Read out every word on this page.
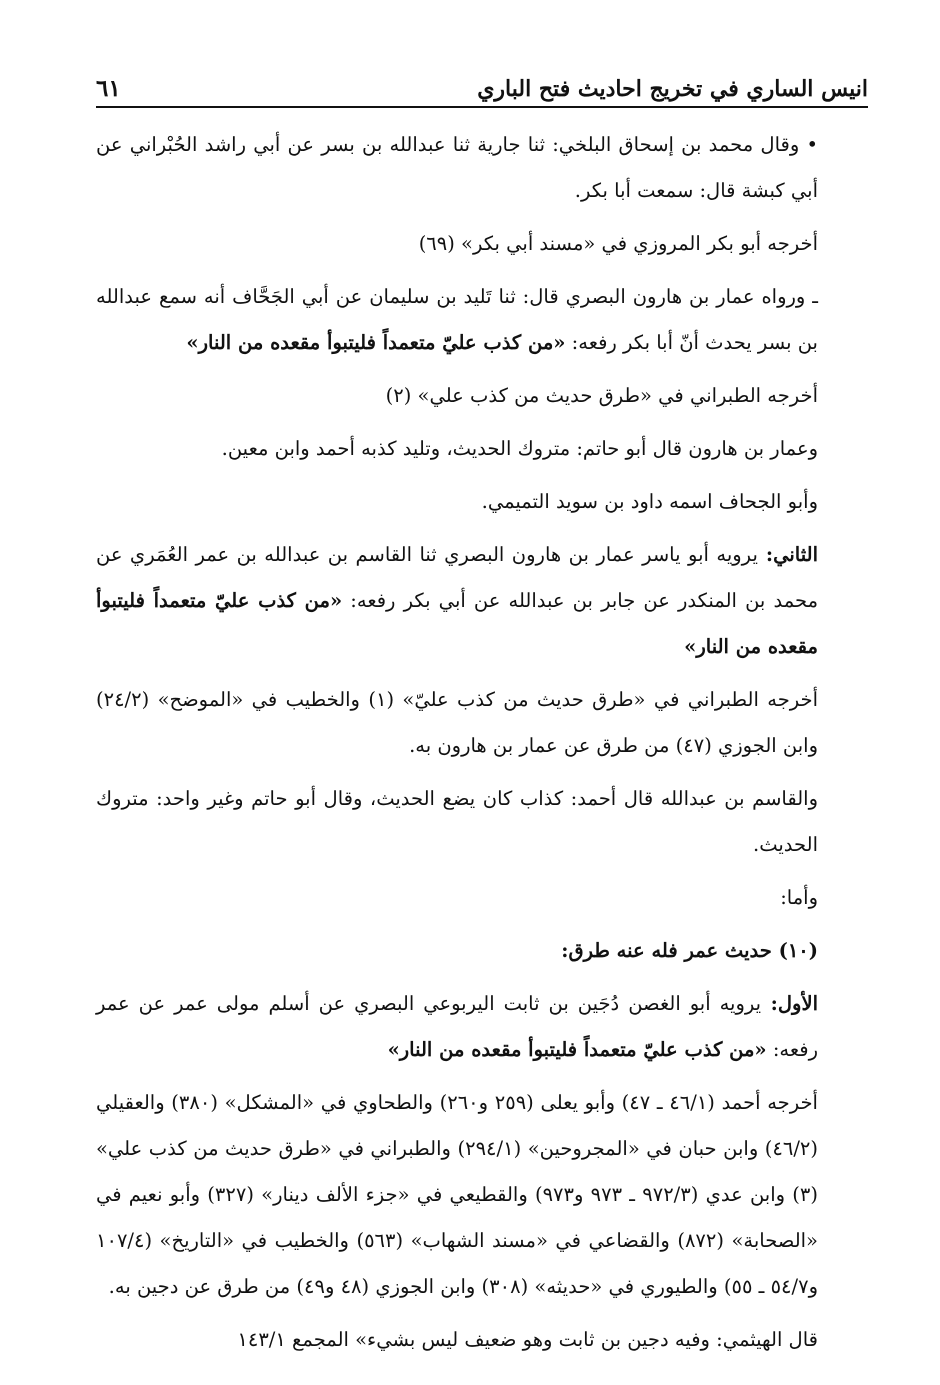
انيس الساري في تخريج احاديث فتح الباري
٦١

• وقال محمد بن إسحاق البلخي: ثنا جارية ثنا عبدالله بن بسر عن أبي راشد الحُبْراني عن أبي كبشة قال: سمعت أبا بكر.

أخرجه أبو بكر المروزي في «مسند أبي بكر» (٦٩)

ـ ورواه عمار بن هارون البصري قال: ثنا تَليد بن سليمان عن أبي الجَحَّاف أنه سمع عبدالله بن بسر يحدث أنّ أبا بكر رفعه: «من كذب عليّ متعمداً فليتبوأ مقعده من النار»

أخرجه الطبراني في «طرق حديث من كذب علي» (٢)

وعمار بن هارون قال أبو حاتم: متروك الحديث، وتليد كذبه أحمد وابن معين.

وأبو الجحاف اسمه داود بن سويد التميمي.

الثاني: يرويه أبو ياسر عمار بن هارون البصري ثنا القاسم بن عبدالله بن عمر العُمَري عن محمد بن المنكدر عن جابر بن عبدالله عن أبي بكر رفعه: «من كذب عليّ متعمداً فليتبوأ مقعده من النار»

أخرجه الطبراني في «طرق حديث من كذب عليّ» (١) والخطيب في «الموضح» (٢٤/٢) وابن الجوزي (٤٧) من طرق عن عمار بن هارون به.

والقاسم بن عبدالله قال أحمد: كذاب كان يضع الحديث، وقال أبو حاتم وغير واحد: متروك الحديث.

وأما:

(١٠) حديث عمر فله عنه طرق:

الأول: يرويه أبو الغصن دُجَين بن ثابت اليربوعي البصري عن أسلم مولى عمر عن عمر رفعه: «من كذب عليّ متعمداً فليتبوأ مقعده من النار»

أخرجه أحمد (٤٦/١ ـ ٤٧) وأبو يعلى (٢٥٩ و٢٦٠) والطحاوي في «المشكل» (٣٨٠) والعقيلي (٤٦/٢) وابن حبان في «المجروحين» (٢٩٤/١) والطبراني في «طرق حديث من كذب علي» (٣) وابن عدي (٩٧٢/٣ ـ ٩٧٣ و٩٧٣) والقطيعي في «جزء الألف دينار» (٣٢٧) وأبو نعيم في «الصحابة» (٨٧٢) والقضاعي في «مسند الشهاب» (٥٦٣) والخطيب في «التاريخ» (١٠٧/٤ و٥٤/٧ ـ ٥٥) والطيوري في «حديثه» (٣٠٨) وابن الجوزي (٤٨ و٤٩) من طرق عن دجين به.

قال الهيثمي: وفيه دجين بن ثابت وهو ضعيف ليس بشيء» المجمع ١٤٣/١
